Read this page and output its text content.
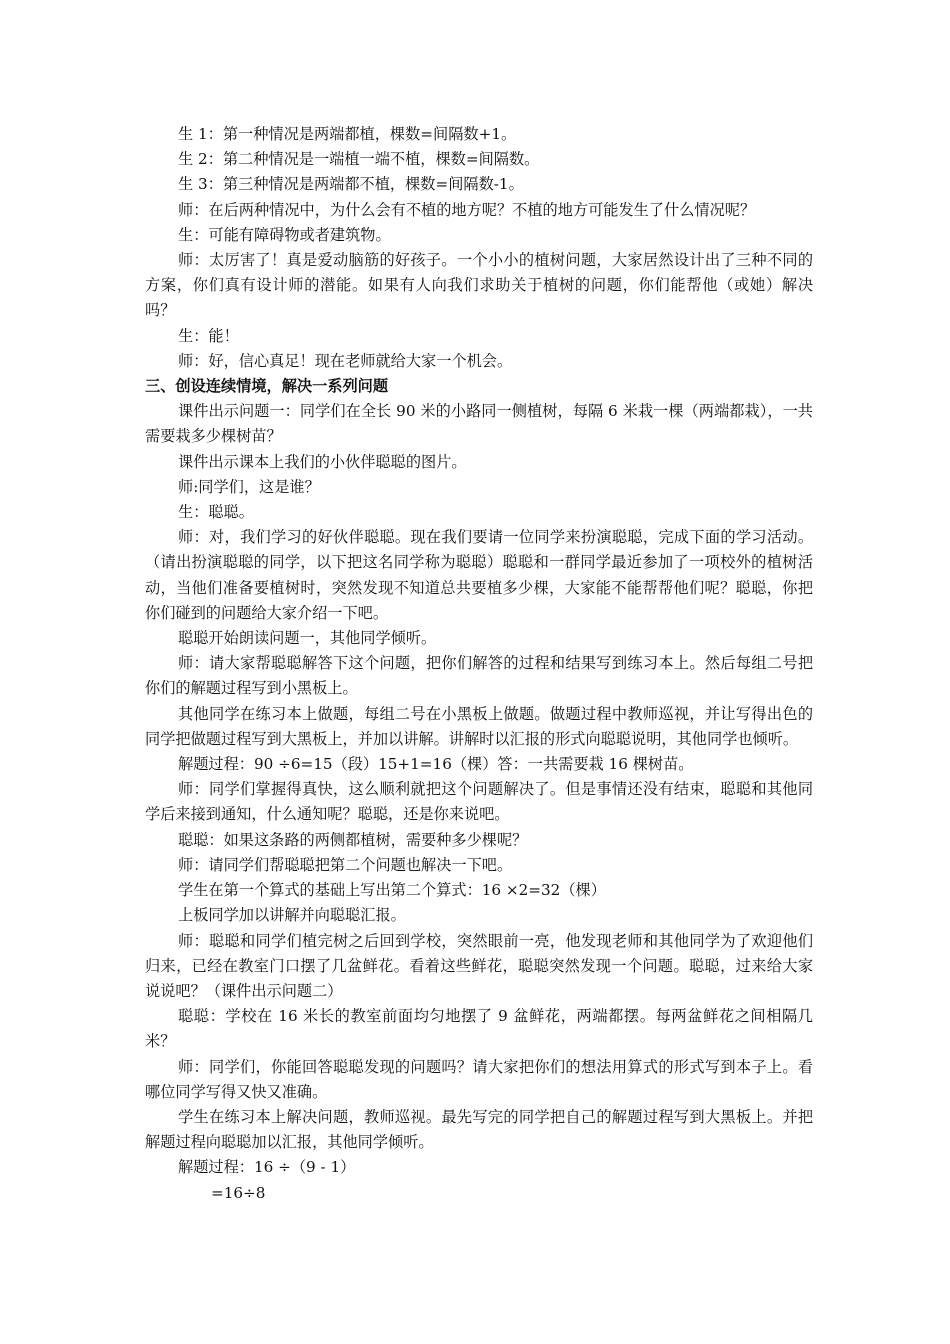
生 1：第一种情况是两端都植，棵数=间隔数+1。

生 2：第二种情况是一端植一端不植，棵数=间隔数。

生 3：第三种情况是两端都不植，棵数=间隔数-1。

师：在后两种情况中，为什么会有不植的地方呢？不植的地方可能发生了什么情况呢？

生：可能有障碍物或者建筑物。

师：太厉害了！真是爱动脑筋的好孩子。一个小小的植树问题，大家居然设计出了三种不同的方案，你们真有设计师的潜能。如果有人向我们求助关于植树的问题，你们能帮他（或她）解决吗？

生：能！

师：好，信心真足！现在老师就给大家一个机会。

三、创设连续情境，解决一系列问题

课件出示问题一：同学们在全长 90 米的小路同一侧植树，每隔 6 米栽一棵（两端都栽），一共需要栽多少棵树苗？

课件出示课本上我们的小伙伴聪聪的图片。

师:同学们，这是谁？

生：聪聪。

师：对，我们学习的好伙伴聪聪。现在我们要请一位同学来扮演聪聪，完成下面的学习活动。（请出扮演聪聪的同学，以下把这名同学称为聪聪）聪聪和一群同学最近参加了一项校外的植树活动，当他们准备要植树时，突然发现不知道总共要植多少棵，大家能不能帮帮他们呢？聪聪，你把你们碰到的问题给大家介绍一下吧。

聪聪开始朗读问题一，其他同学倾听。

师：请大家帮聪聪解答下这个问题，把你们解答的过程和结果写到练习本上。然后每组二号把你们的解题过程写到小黑板上。

其他同学在练习本上做题，每组二号在小黑板上做题。做题过程中教师巡视，并让写得出色的同学把做题过程写到大黑板上，并加以讲解。讲解时以汇报的形式向聪聪说明，其他同学也倾听。

解题过程：90 ÷6=15（段）15+1=16（棵）答：一共需要栽 16 棵树苗。

师：同学们掌握得真快，这么顺利就把这个问题解决了。但是事情还没有结束，聪聪和其他同学后来接到通知，什么通知呢？聪聪，还是你来说吧。

聪聪：如果这条路的两侧都植树，需要种多少棵呢？

师：请同学们帮聪聪把第二个问题也解决一下吧。

学生在第一个算式的基础上写出第二个算式：16 ×2=32（棵）

上板同学加以讲解并向聪聪汇报。

师：聪聪和同学们植完树之后回到学校，突然眼前一亮，他发现老师和其他同学为了欢迎他们归来，已经在教室门口摆了几盆鲜花。看着这些鲜花，聪聪突然发现一个问题。聪聪，过来给大家说说吧？（课件出示问题二）

聪聪：学校在 16 米长的教室前面均匀地摆了 9 盆鲜花，两端都摆。每两盆鲜花之间相隔几米？

师：同学们，你能回答聪聪发现的问题吗？请大家把你们的想法用算式的形式写到本子上。看哪位同学写得又快又准确。

学生在练习本上解决问题，教师巡视。最先写完的同学把自己的解题过程写到大黑板上。并把解题过程向聪聪加以汇报，其他同学倾听。

解题过程：16 ÷（9 - 1）

=16÷8
